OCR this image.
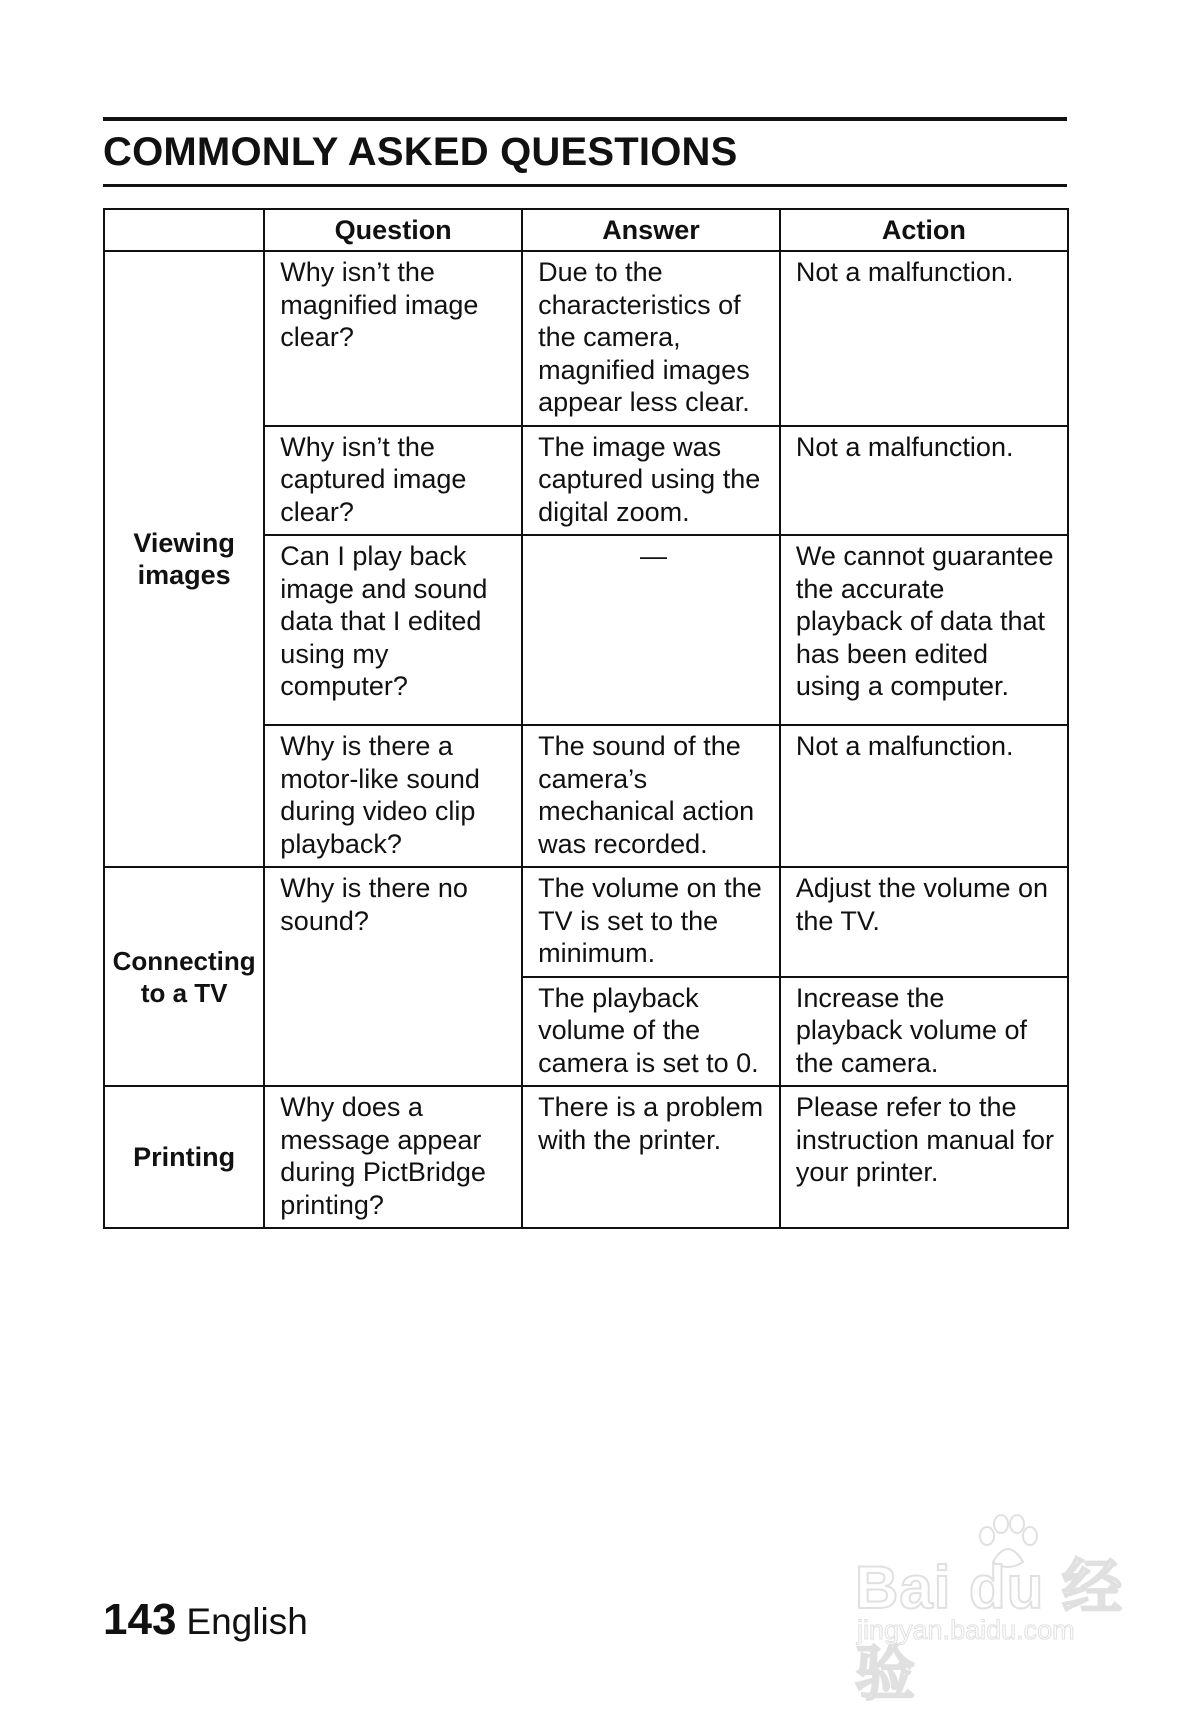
COMMONLY ASKED QUESTIONS
	Question	Answer	Action
Viewing images	Why isn’t the magnified image clear?	Due to the characteristics of the camera, magnified images appear less clear.	Not a malfunction.
	Why isn’t the captured image clear?	The image was captured using the digital zoom.	Not a malfunction.
	Can I play back image and sound data that I edited using my computer?	—	We cannot guarantee the accurate playback of data that has been edited using a computer.
	Why is there a motor-like sound during video clip playback?	The sound of the camera’s mechanical action was recorded.	Not a malfunction.
Connecting to a TV	Why is there no sound?	The volume on the TV is set to the minimum.	Adjust the volume on the TV.
		The playback volume of the camera is set to 0.	Increase the playback volume of the camera.
Printing	Why does a message appear during PictBridge printing?	There is a problem with the printer.	Please refer to the instruction manual for your printer.
143 English
Bai du 经验
jingyan.baidu.com
